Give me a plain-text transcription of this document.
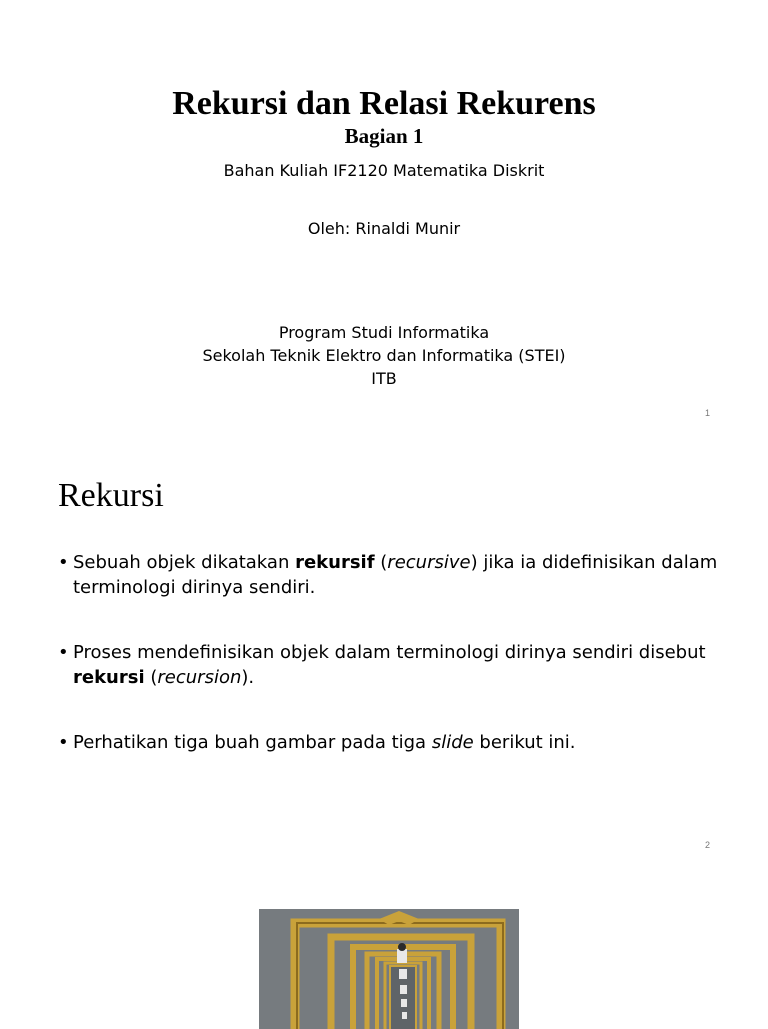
Rekursi dan Relasi Rekurens
Bagian 1
Bahan Kuliah IF2120 Matematika Diskrit
Oleh: Rinaldi Munir
Program Studi Informatika
Sekolah Teknik Elektro dan Informatika (STEI)
ITB
1
Rekursi
• Sebuah objek dikatakan rekursif (recursive) jika ia didefinisikan dalam terminologi dirinya sendiri.
• Proses mendefinisikan objek dalam terminologi dirinya sendiri disebut rekursi (recursion).
• Perhatikan tiga buah gambar pada tiga slide berikut ini.
2
